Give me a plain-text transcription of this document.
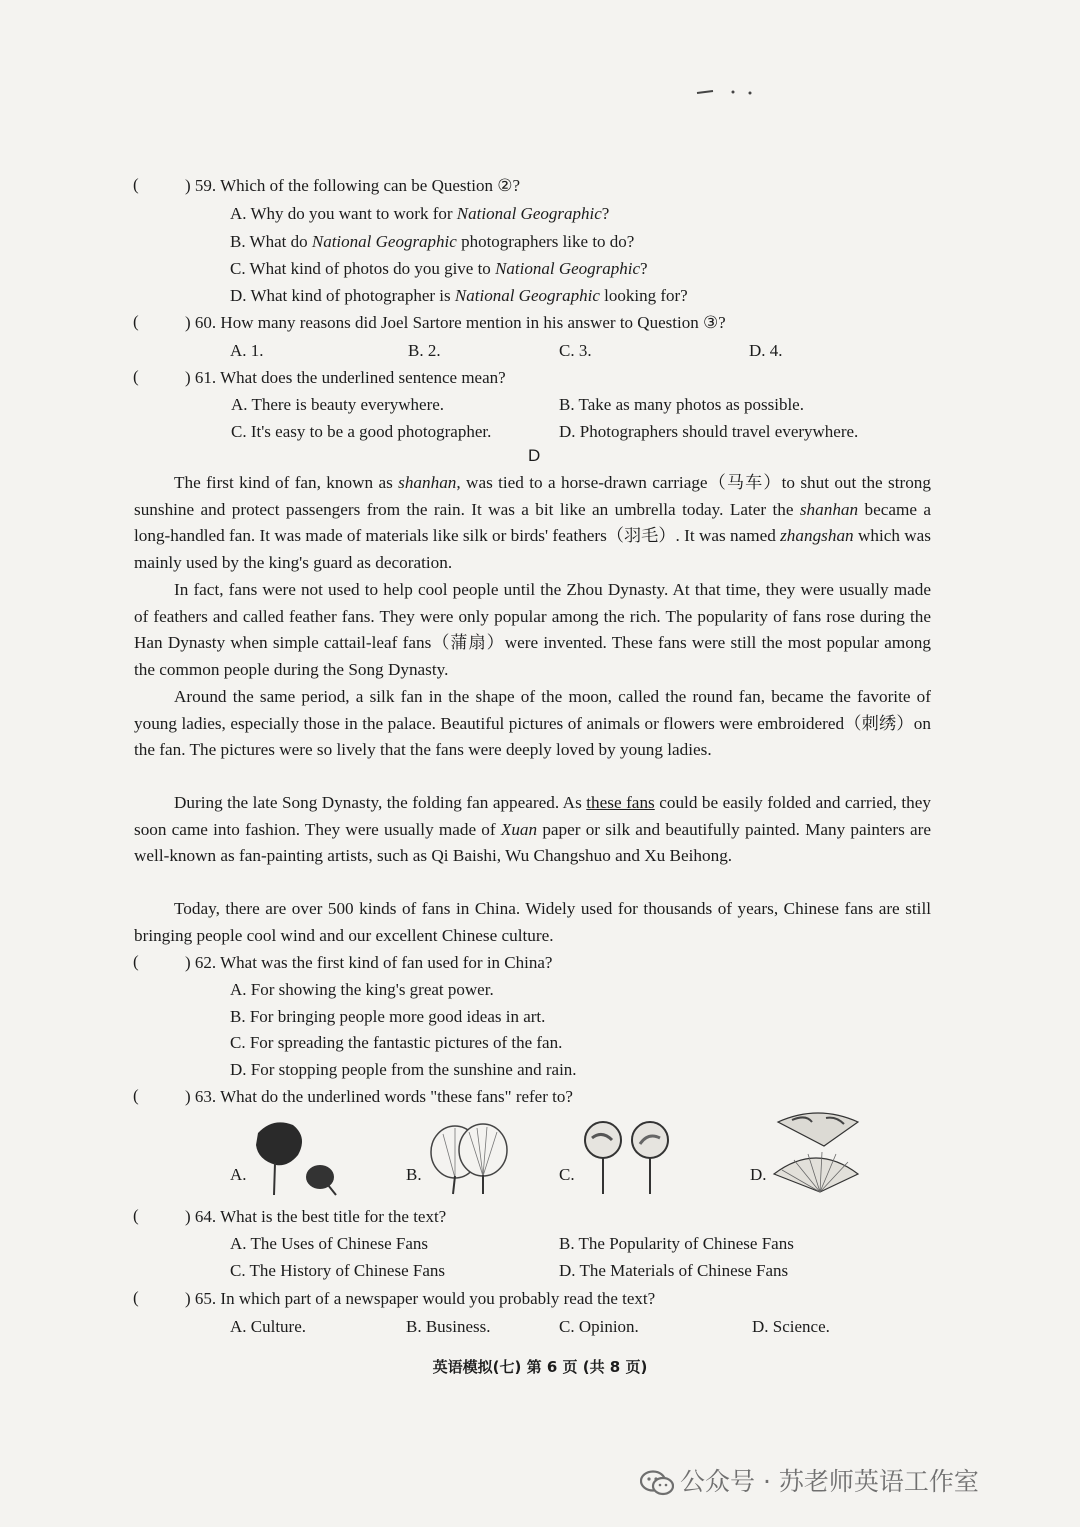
(	) 59. Which of the following can be Question ②?
A. Why do you want to work for National Geographic?
B. What do National Geographic photographers like to do?
C. What kind of photos do you give to National Geographic?
D. What kind of photographer is National Geographic looking for?
(	) 60. How many reasons did Joel Sartore mention in his answer to Question ③?
A. 1.	B. 2.	C. 3.	D. 4.
(	) 61. What does the underlined sentence mean?
A. There is beauty everywhere.	B. Take as many photos as possible.
C. It's easy to be a good photographer.	D. Photographers should travel everywhere.
D
The first kind of fan, known as shanhan, was tied to a horse-drawn carriage（马车）to shut out the strong sunshine and protect passengers from the rain. It was a bit like an umbrella today. Later the shanhan became a long-handled fan. It was made of materials like silk or birds' feathers（羽毛）. It was named zhangshan which was mainly used by the king's guard as decoration.
In fact, fans were not used to help cool people until the Zhou Dynasty. At that time, they were usually made of feathers and called feather fans. They were only popular among the rich. The popularity of fans rose during the Han Dynasty when simple cattail-leaf fans（蒲扇）were invented. These fans were still the most popular among the common people during the Song Dynasty.
Around the same period, a silk fan in the shape of the moon, called the round fan, became the favorite of young ladies, especially those in the palace. Beautiful pictures of animals or flowers were embroidered（刺绣）on the fan. The pictures were so lively that the fans were deeply loved by young ladies.
During the late Song Dynasty, the folding fan appeared. As these fans could be easily folded and carried, they soon came into fashion. They were usually made of Xuan paper or silk and beautifully painted. Many painters are well-known as fan-painting artists, such as Qi Baishi, Wu Changshuo and Xu Beihong.
Today, there are over 500 kinds of fans in China. Widely used for thousands of years, Chinese fans are still bringing people cool wind and our excellent Chinese culture.
(	) 62. What was the first kind of fan used for in China?
A. For showing the king's great power.
B. For bringing people more good ideas in art.
C. For spreading the fantastic pictures of the fan.
D. For stopping people from the sunshine and rain.
(	) 63. What do the underlined words "these fans" refer to?
A.	B.	C.	D.
(	) 64. What is the best title for the text?
A. The Uses of Chinese Fans	B. The Popularity of Chinese Fans
C. The History of Chinese Fans	D. The Materials of Chinese Fans
(	) 65. In which part of a newspaper would you probably read the text?
A. Culture.	B. Business.	C. Opinion.	D. Science.
英语模拟(七) 第 6 页 (共 8 页)
公众号 · 苏老师英语工作室
